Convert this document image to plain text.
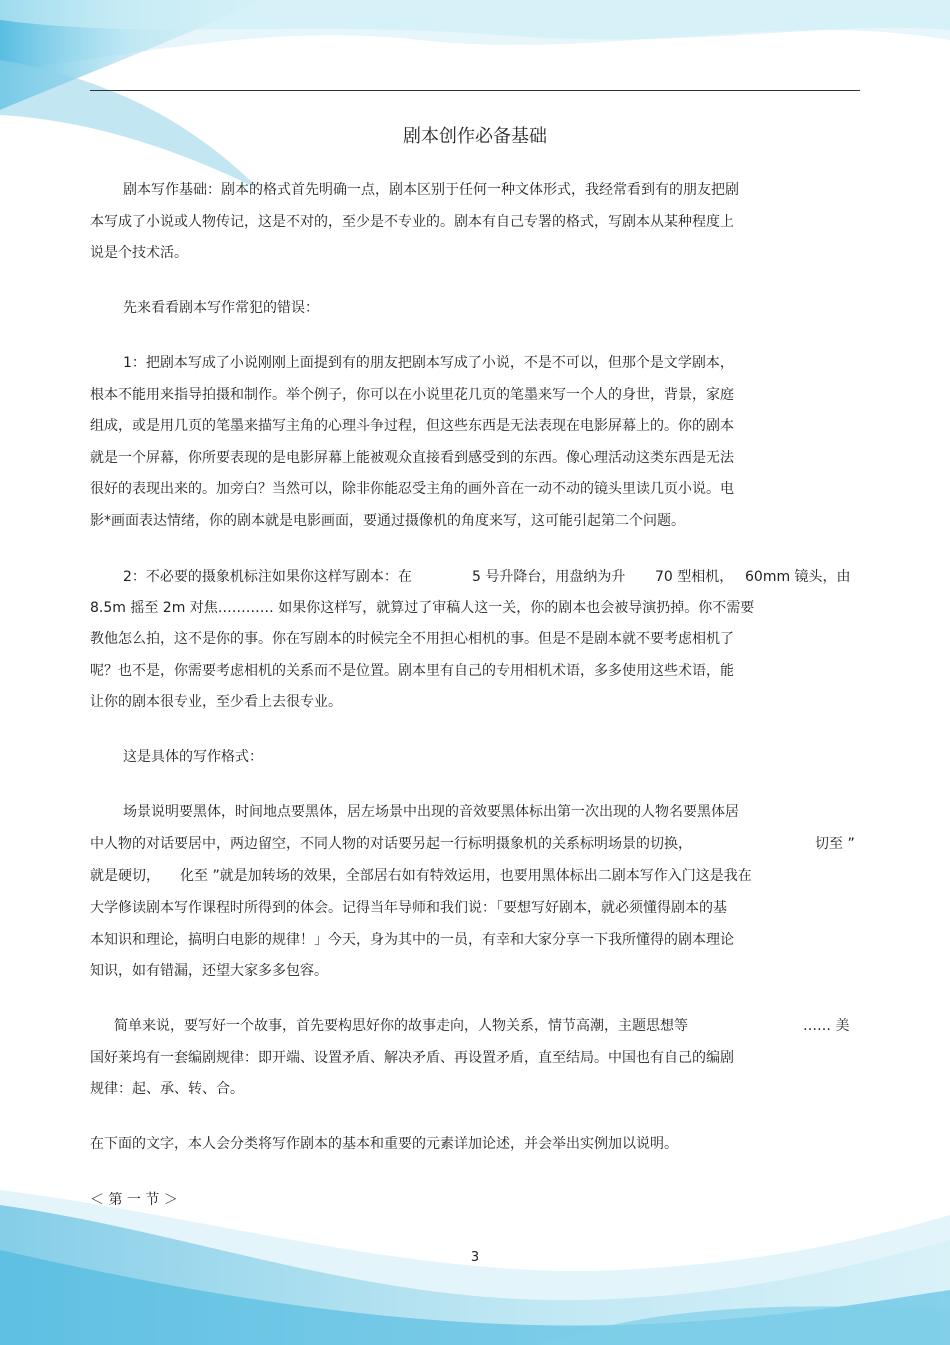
剧本创作必备基础
剧本写作基础：剧本的格式首先明确一点，剧本区别于任何一种文体形式，我经常看到有的朋友把剧
本写成了小说或人物传记，这是不对的，至少是不专业的。剧本有自己专署的格式，写剧本从某种程度上
说是个技术活。
先来看看剧本写作常犯的错误：
1：把剧本写成了小说刚刚上面提到有的朋友把剧本写成了小说，不是不可以，但那个是文学剧本，
根本不能用来指导拍摄和制作。举个例子，你可以在小说里花几页的笔墨来写一个人的身世，背景，家庭
组成，或是用几页的笔墨来描写主角的心理斗争过程，但这些东西是无法表现在电影屏幕上的。你的剧本
就是一个屏幕，你所要表现的是电影屏幕上能被观众直接看到感受到的东西。像心理活动这类东西是无法
很好的表现出来的。加旁白？当然可以，除非你能忍受主角的画外音在一动不动的镜头里读几页小说。电
影*画面表达情绪，你的剧本就是电影画面，要通过摄像机的角度来写，这可能引起第二个问题。
2：不必要的摄象机标注如果你这样写剧本：在	5 号升降台，用盘纳为升 70 型相机， 60mm 镜头，由
8.5m 摇至 2m 对焦………… 如果你这样写，就算过了审稿人这一关，你的剧本也会被导演扔掉。你不需要
教他怎么拍，这不是你的事。你在写剧本的时候完全不用担心相机的事。但是不是剧本就不要考虑相机了
呢？也不是，你需要考虑相机的关系而不是位置。剧本里有自己的专用相机术语，多多使用这些术语，能
让你的剧本很专业，至少看上去很专业。
这是具体的写作格式：
场景说明要黑体，时间地点要黑体，居左场景中出现的音效要黑体标出第一次出现的人物名要黑体居
中人物的对话要居中，两边留空，不同人物的对话要另起一行标明摄象机的关系标明场景的切换，	切至 ”
就是硬切， 化至 ”就是加转场的效果，全部居右如有特效运用，也要用黑体标出二剧本写作入门这是我在
大学修读剧本写作课程时所得到的体会。记得当年导师和我们说：「要想写好剧本，就必须懂得剧本的基
本知识和理论，搞明白电影的规律！」今天，身为其中的一员，有幸和大家分享一下我所懂得的剧本理论
知识，如有错漏，还望大家多多包容。
简单来说，要写好一个故事，首先要构思好你的故事走向，人物关系，情节高潮，主题思想等	…… 美
国好莱坞有一套编剧规律：即开端、设置矛盾、解决矛盾、再设置矛盾，直至结局。中国也有自己的编剧
规律：起、承、转、合。
在下面的文字，本人会分类将写作剧本的基本和重要的元素详加论述，并会举出实例加以说明。
＜ 第 一 节 ＞
3
